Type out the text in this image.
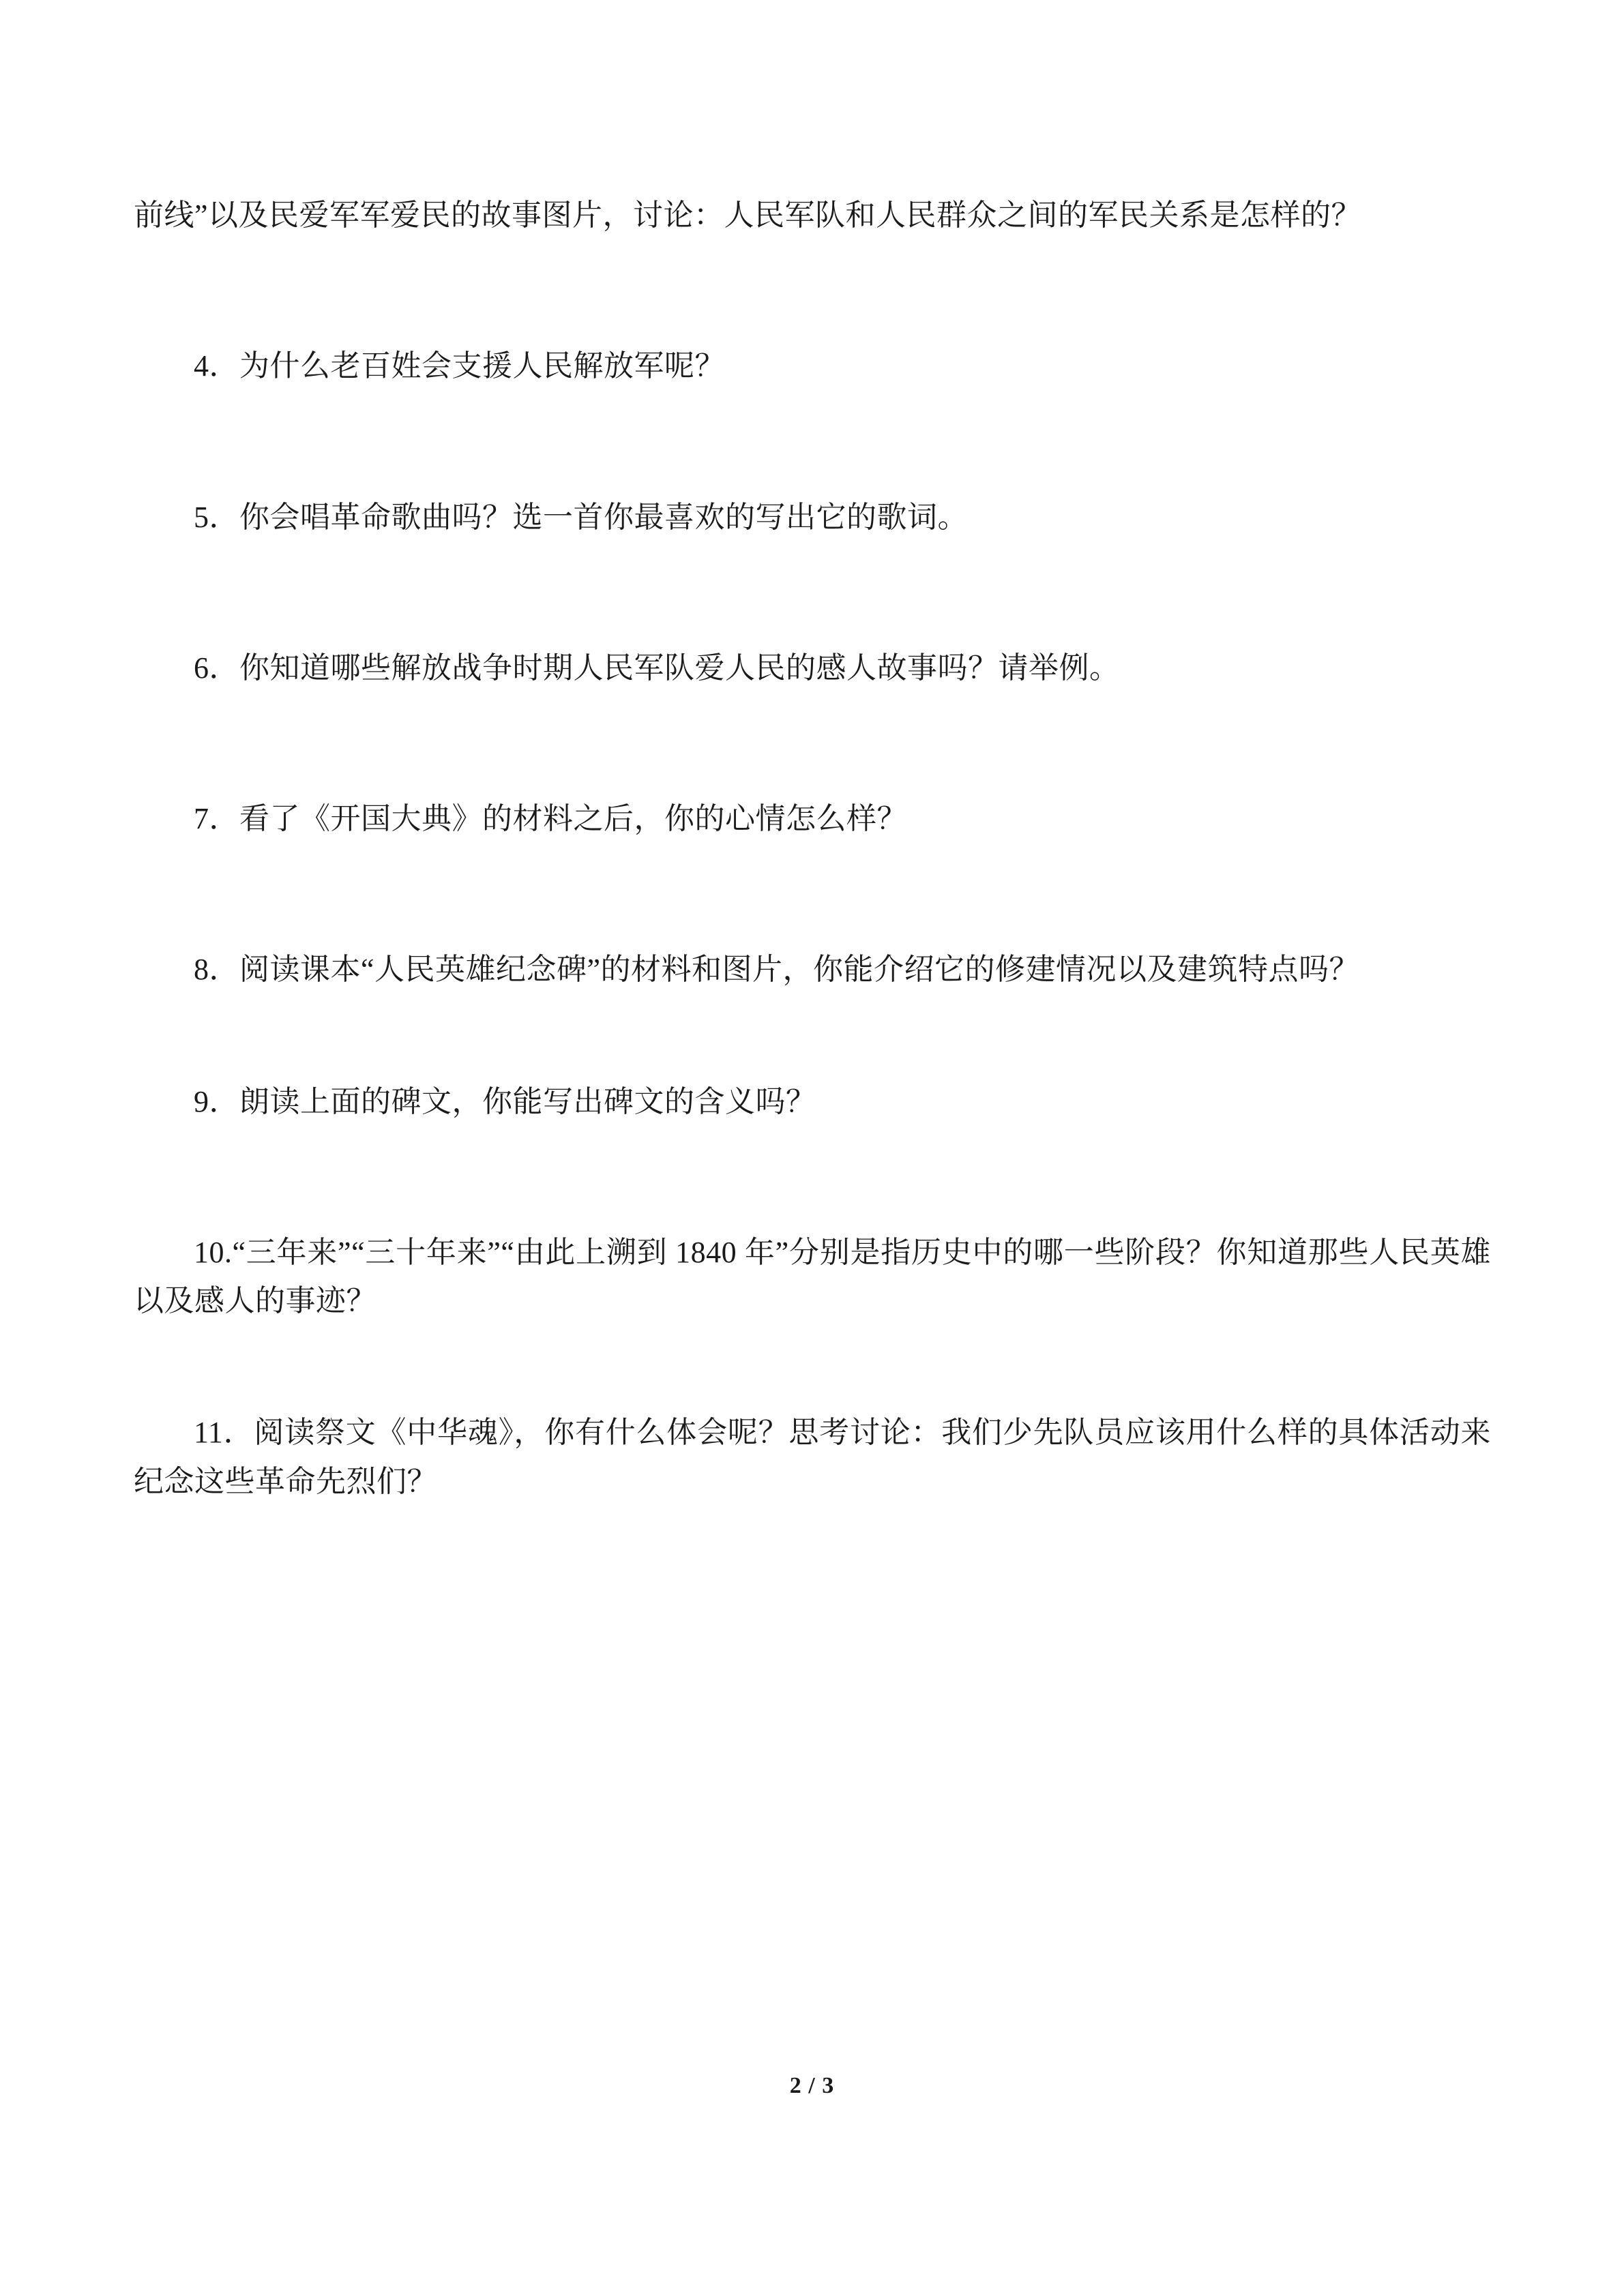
前线”以及民爱军军爱民的故事图片，讨论：人民军队和人民群众之间的军民关系是怎样的？

4．为什么老百姓会支援人民解放军呢？

5．你会唱革命歌曲吗？选一首你最喜欢的写出它的歌词。

6．你知道哪些解放战争时期人民军队爱人民的感人故事吗？请举例。

7．看了《开国大典》的材料之后，你的心情怎么样？

8．阅读课本“人民英雄纪念碑”的材料和图片，你能介绍它的修建情况以及建筑特点吗？

9．朗读上面的碑文，你能写出碑文的含义吗？

10.“三年来”“三十年来”“由此上溯到 1840 年”分别是指历史中的哪一些阶段？你知道那些人民英雄以及感人的事迹？

11．阅读祭文《中华魂》，你有什么体会呢？思考讨论：我们少先队员应该用什么样的具体活动来纪念这些革命先烈们？

2 / 3
